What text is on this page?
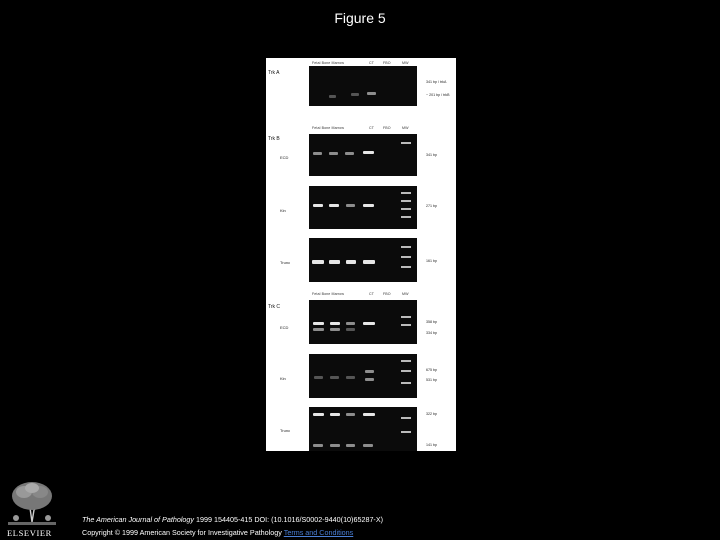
Figure 5
Trk A
Fetal Bone Marrow	CT	FBO	MW
341 bp / trkA
~ 201 bp / trkB
Trk B
Fetal Bone Marrow	CT	FBO	MW
ECD	341 bp
Kin
271 bp
Trunc	161 bp
Trk C
Fetal Bone Marrow	CT	FBO	MW
ECD
358 bp
334 bp
Kin
675 bp
531 bp
Trunc
322 bp
141 bp
ELSEVIER
The American Journal of Pathology 1999 154405-415 DOI: (10.1016/S0002-9440(10)65287-X)
Copyright © 1999 American Society for Investigative Pathology Terms and Conditions
